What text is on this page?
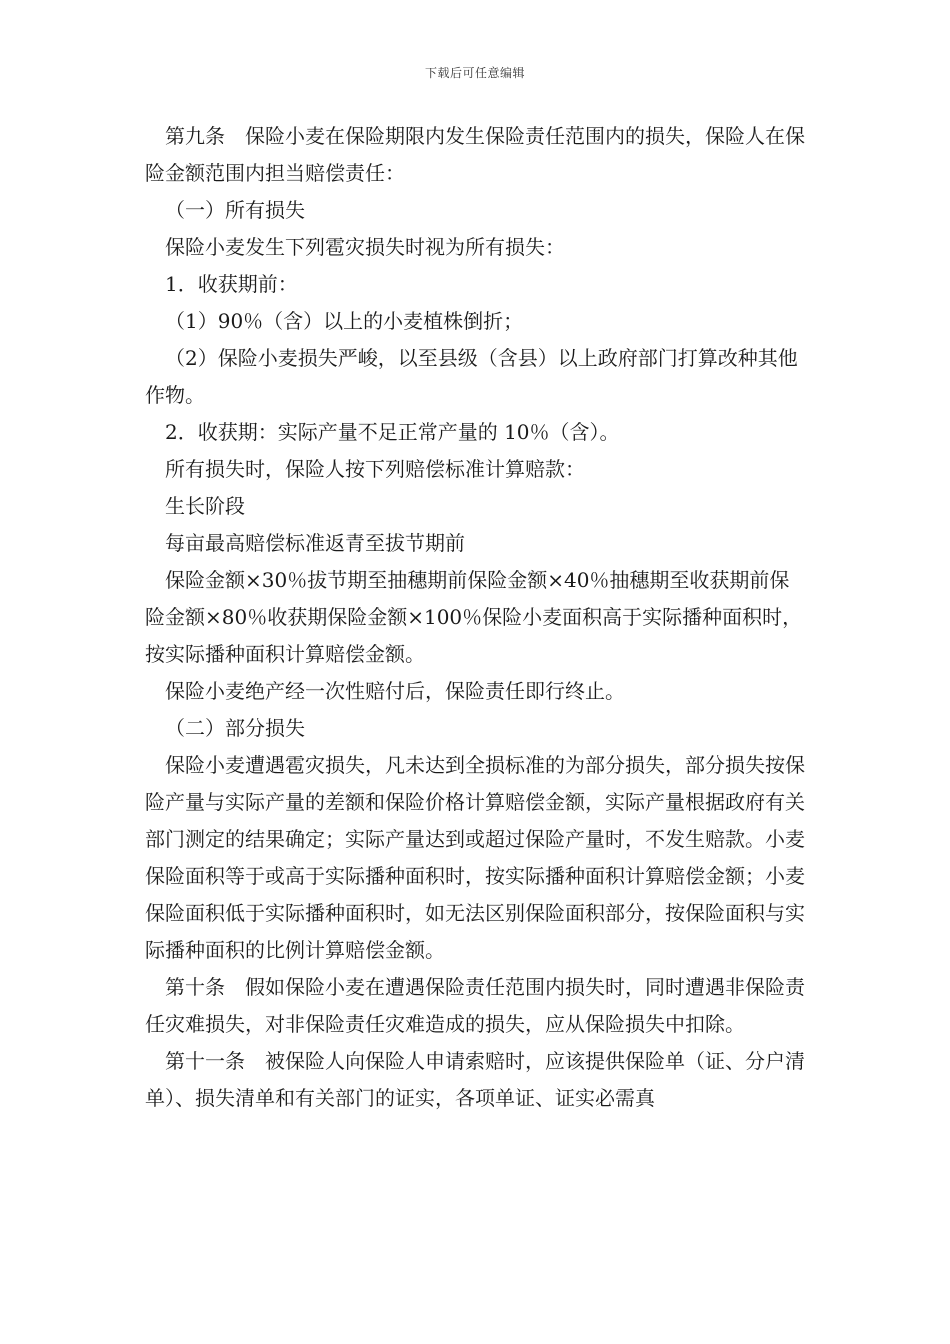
下载后可任意编辑

第九条　保险小麦在保险期限内发生保险责任范围内的损失，保险人在保险金额范围内担当赔偿责任：

（一）所有损失

保险小麦发生下列雹灾损失时视为所有损失：

1．收获期前：

（1）90％（含）以上的小麦植株倒折；

（2）保险小麦损失严峻，以至县级（含县）以上政府部门打算改种其他作物。

2．收获期：实际产量不足正常产量的 10％（含）。

所有损失时，保险人按下列赔偿标准计算赔款：

生长阶段

每亩最高赔偿标准返青至拔节期前

保险金额×30％拔节期至抽穗期前保险金额×40％抽穗期至收获期前保险金额×80％收获期保险金额×100％保险小麦面积高于实际播种面积时，按实际播种面积计算赔偿金额。

保险小麦绝产经一次性赔付后，保险责任即行终止。

（二）部分损失

保险小麦遭遇雹灾损失，凡未达到全损标准的为部分损失，部分损失按保险产量与实际产量的差额和保险价格计算赔偿金额，实际产量根据政府有关部门测定的结果确定；实际产量达到或超过保险产量时，不发生赔款。小麦保险面积等于或高于实际播种面积时，按实际播种面积计算赔偿金额；小麦保险面积低于实际播种面积时，如无法区别保险面积部分，按保险面积与实际播种面积的比例计算赔偿金额。

第十条　假如保险小麦在遭遇保险责任范围内损失时，同时遭遇非保险责任灾难损失，对非保险责任灾难造成的损失，应从保险损失中扣除。

第十一条　被保险人向保险人申请索赔时，应该提供保险单（证、分户清单）、损失清单和有关部门的证实，各项单证、证实必需真
